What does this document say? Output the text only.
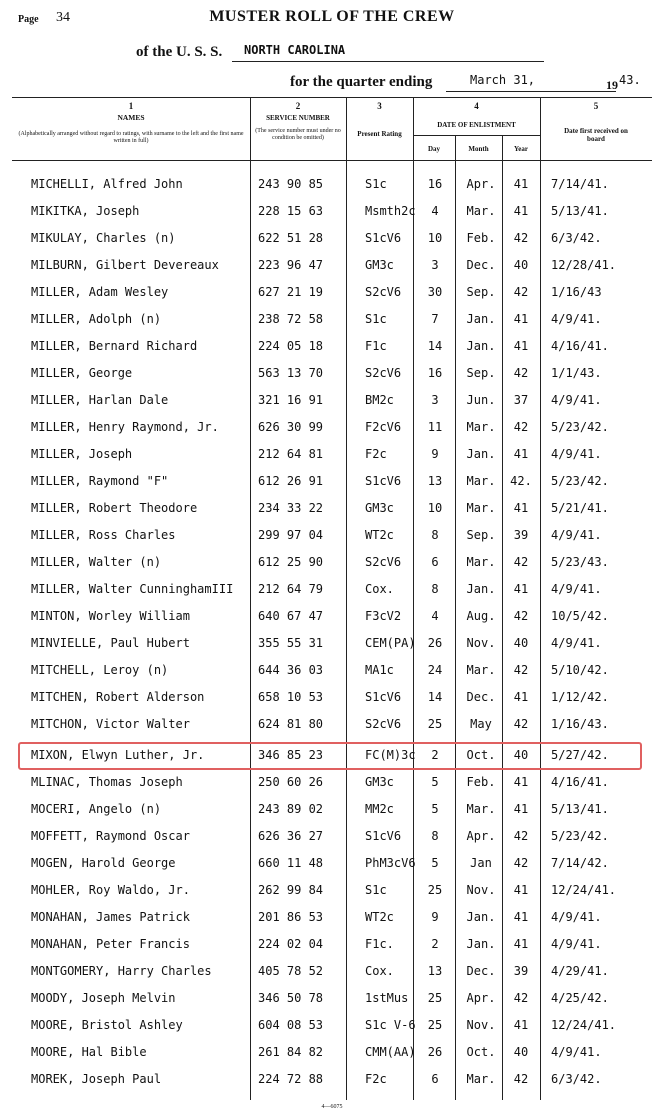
Page 34	MUSTER ROLL OF THE CREW
of the U. S. S. NORTH CAROLINA
for the quarter ending	March 31,	19 43.
1
NAMES
(Alphabetically arranged without regard to ratings, with surname to the left and the first name written in full)
2
SERVICE NUMBER
(The service number must under no condition be omitted)
3
Present Rating
4
DATE OF ENLISTMENT
Day	Month	Year
5
Date first received on board
MICHELLI, Alfred John	243 90 85	S1c	16	Apr.	41	7/14/41.
MIKITKA, Joseph	228 15 63	Msmth2c	4	Mar.	41	5/13/41.
MIKULAY, Charles (n)	622 51 28	S1cV6	10	Feb.	42	6/3/42.
MILBURN, Gilbert Devereaux	223 96 47	GM3c	3	Dec.	40	12/28/41.
MILLER, Adam Wesley	627 21 19	S2cV6	30	Sep.	42	1/16/43
MILLER, Adolph (n)	238 72 58	S1c	7	Jan.	41	4/9/41.
MILLER, Bernard Richard	224 05 18	F1c	14	Jan.	41	4/16/41.
MILLER, George	563 13 70	S2cV6	16	Sep.	42	1/1/43.
MILLER, Harlan Dale	321 16 91	BM2c	3	Jun.	37	4/9/41.
MILLER, Henry Raymond, Jr.	626 30 99	F2cV6	11	Mar.	42	5/23/42.
MILLER, Joseph	212 64 81	F2c	9	Jan.	41	4/9/41.
MILLER, Raymond "F"	612 26 91	S1cV6	13	Mar.	42.	5/23/42.
MILLER, Robert Theodore	234 33 22	GM3c	10	Mar.	41	5/21/41.
MILLER, Ross Charles	299 97 04	WT2c	8	Sep.	39	4/9/41.
MILLER, Walter (n)	612 25 90	S2cV6	6	Mar.	42	5/23/43.
MILLER, Walter CunninghamIII 212 64 79	Cox.	8	Jan.	41	4/9/41.
MINTON, Worley William	640 67 47	F3cV2	4	Aug.	42	10/5/42.
MINVIELLE, Paul Hubert	355 55 31	CEM(PA)	26	Nov.	40	4/9/41.
MITCHELL, Leroy (n)	644 36 03	MA1c	24	Mar.	42	5/10/42.
MITCHEN, Robert Alderson	658 10 53	S1cV6	14	Dec.	41	1/12/42.
MITCHON, Victor Walter	624 81 80	S2cV6	25	May	42	1/16/43.
MIXON, Elwyn Luther, Jr.	346 85 23	FC(M)3c	2	Oct.	40	5/27/42.
MLINAC, Thomas Joseph	250 60 26	GM3c	5	Feb.	41	4/16/41.
MOCERI, Angelo (n)	243 89 02	MM2c	5	Mar.	41	5/13/41.
MOFFETT, Raymond Oscar	626 36 27	S1cV6	8	Apr.	42	5/23/42.
MOGEN, Harold George	660 11 48	PhM3cV6	5	Jan	42	7/14/42.
MOHLER, Roy Waldo, Jr.	262 99 84	S1c	25	Nov.	41	12/24/41.
MONAHAN, James Patrick	201 86 53	WT2c	9	Jan.	41	4/9/41.
MONAHAN, Peter Francis	224 02 04	F1c.	2	Jan.	41	4/9/41.
MONTGOMERY, Harry Charles	405 78 52	Cox.	13	Dec.	39	4/29/41.
MOODY, Joseph Melvin	346 50 78	1stMus	25	Apr.	42	4/25/42.
MOORE, Bristol Ashley	604 08 53	S1c V-6	25	Nov.	41	12/24/41.
MOORE, Hal Bible	261 84 82	CMM(AA)	26	Oct.	40	4/9/41.
MOREK, Joseph Paul	224 72 88	F2c	6	Mar.	42	6/3/42.
4—6075
